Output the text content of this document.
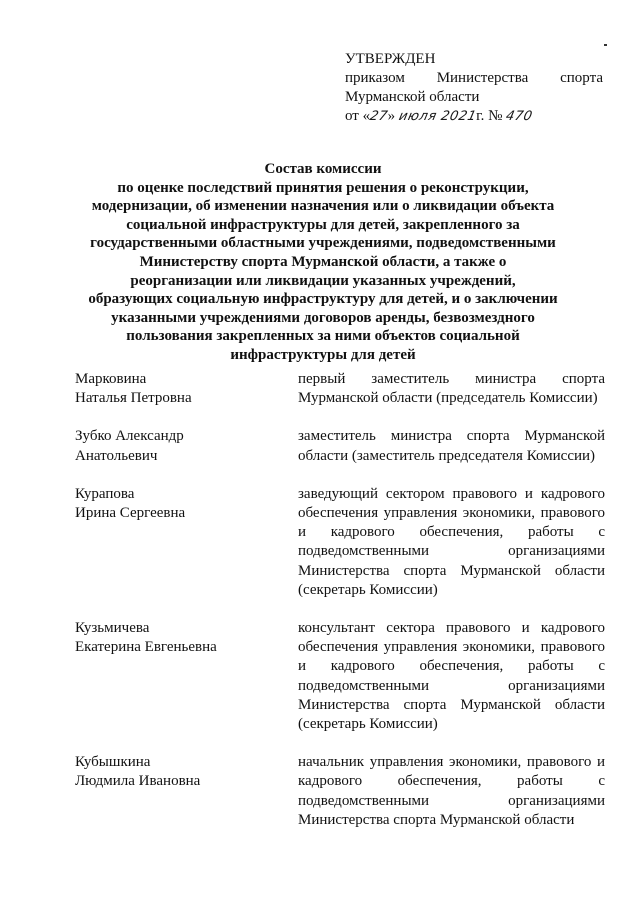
УТВЕРЖДЕН
приказом Министерства спорта
Мурманской области
от «27» июля 2021г. № 470
Состав комиссии
по оценке последствий принятия решения о реконструкции, модернизации, об изменении назначения или о ликвидации объекта социальной инфраструктуры для детей, закрепленного за государственными областными учреждениями, подведомственными Министерству спорта Мурманской области, а также о реорганизации или ликвидации указанных учреждений, образующих социальную инфраструктуру для детей, и о заключении указанными учреждениями договоров аренды, безвозмездного пользования закрепленных за ними объектов социальной инфраструктуры для детей
Марковина
Наталья Петровна
первый заместитель министра спорта Мурманской области (председатель Комиссии)
Зубко Александр
Анатольевич
заместитель министра спорта Мурманской области (заместитель председателя Комиссии)
Курапова
Ирина Сергеевна
заведующий сектором правового и кадрового обеспечения управления экономики, правового и кадрового обеспечения, работы с подведомственными организациями Министерства спорта Мурманской области (секретарь Комиссии)
Кузьмичева
Екатерина Евгеньевна
консультант сектора правового и кадрового обеспечения управления экономики, правового и кадрового обеспечения, работы с подведомственными организациями Министерства спорта Мурманской области (секретарь Комиссии)
Кубышкина
Людмила Ивановна
начальник управления экономики, правового и кадрового обеспечения, работы с подведомственными организациями Министерства спорта Мурманской области
